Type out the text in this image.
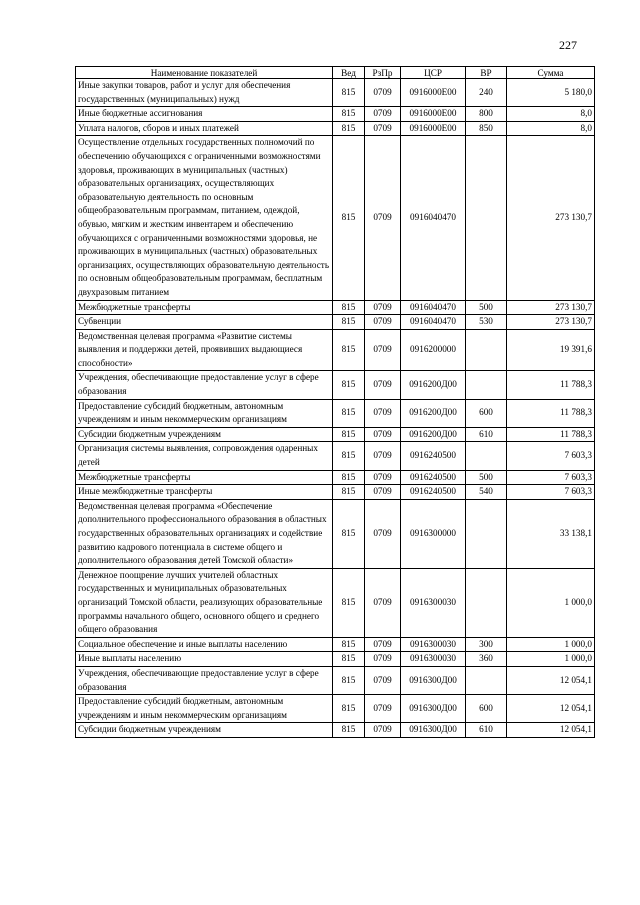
227
Наименование показателей	Вед	РзПр	ЦСР	ВР	Сумма
Иные закупки товаров, работ и услуг для обеспечения государственных (муниципальных) нужд	815	0709	0916000Е00	240	5 180,0
Иные бюджетные ассигнования	815	0709	0916000Е00	800	8,0
Уплата налогов, сборов и иных платежей	815	0709	0916000Е00	850	8,0
Осуществление отдельных государственных полномочий по обеспечению обучающихся с ограниченными возможностями здоровья, проживающих в муниципальных (частных) образовательных организациях, осуществляющих образовательную деятельность по основным общеобразовательным программам, питанием, одеждой, обувью, мягким и жестким инвентарем и обеспечению обучающихся с ограниченными возможностями здоровья, не проживающих в муниципальных (частных) образовательных организациях, осуществляющих образовательную деятельность по основным общеобразовательным программам, бесплатным двухразовым питанием	815	0709	0916040470		273 130,7
Межбюджетные трансферты	815	0709	0916040470	500	273 130,7
Субвенции	815	0709	0916040470	530	273 130,7
Ведомственная целевая программа «Развитие системы выявления и поддержки детей, проявивших выдающиеся способности»	815	0709	0916200000		19 391,6
Учреждения, обеспечивающие предоставление услуг в сфере образования	815	0709	0916200Д00		11 788,3
Предоставление субсидий бюджетным, автономным учреждениям и иным некоммерческим организациям	815	0709	0916200Д00	600	11 788,3
Субсидии бюджетным учреждениям	815	0709	0916200Д00	610	11 788,3
Организация системы выявления, сопровождения одаренных детей	815	0709	0916240500		7 603,3
Межбюджетные трансферты	815	0709	0916240500	500	7 603,3
Иные межбюджетные трансферты	815	0709	0916240500	540	7 603,3
Ведомственная целевая программа «Обеспечение дополнительного профессионального образования в областных государственных образовательных организациях и содействие развитию кадрового потенциала в системе общего и дополнительного образования детей Томской области»	815	0709	0916300000		33 138,1
Денежное поощрение лучших учителей областных государственных и муниципальных образовательных организаций Томской области, реализующих образовательные программы начального общего, основного общего и среднего общего образования	815	0709	0916300030		1 000,0
Социальное обеспечение и иные выплаты населению	815	0709	0916300030	300	1 000,0
Иные выплаты населению	815	0709	0916300030	360	1 000,0
Учреждения, обеспечивающие предоставление услуг в сфере образования	815	0709	0916300Д00		12 054,1
Предоставление субсидий бюджетным, автономным учреждениям и иным некоммерческим организациям	815	0709	0916300Д00	600	12 054,1
Субсидии бюджетным учреждениям	815	0709	0916300Д00	610	12 054,1
